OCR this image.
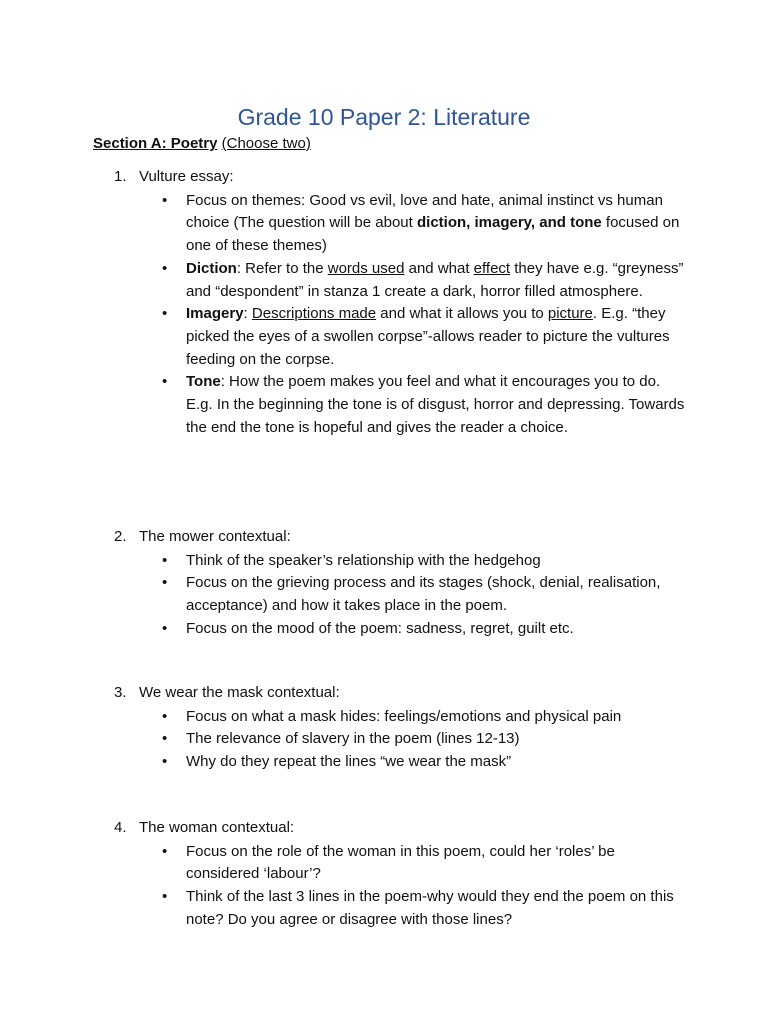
Grade 10 Paper 2: Literature
Section A: Poetry (Choose two)
1. Vulture essay:
• Focus on themes: Good vs evil, love and hate, animal instinct vs human choice (The question will be about diction, imagery, and tone focused on one of these themes)
• Diction: Refer to the words used and what effect they have e.g. “greyness” and “despondent” in stanza 1 create a dark, horror filled atmosphere.
• Imagery: Descriptions made and what it allows you to picture. E.g. “they picked the eyes of a swollen corpse”-allows reader to picture the vultures feeding on the corpse.
• Tone: How the poem makes you feel and what it encourages you to do. E.g. In the beginning the tone is of disgust, horror and depressing. Towards the end the tone is hopeful and gives the reader a choice.
2. The mower contextual:
• Think of the speaker’s relationship with the hedgehog
• Focus on the grieving process and its stages (shock, denial, realisation, acceptance) and how it takes place in the poem.
• Focus on the mood of the poem: sadness, regret, guilt etc.
3. We wear the mask contextual:
• Focus on what a mask hides: feelings/emotions and physical pain
• The relevance of slavery in the poem (lines 12-13)
• Why do they repeat the lines “we wear the mask”
4. The woman contextual:
• Focus on the role of the woman in this poem, could her ‘roles’ be considered ‘labour’?
• Think of the last 3 lines in the poem-why would they end the poem on this note? Do you agree or disagree with those lines?
